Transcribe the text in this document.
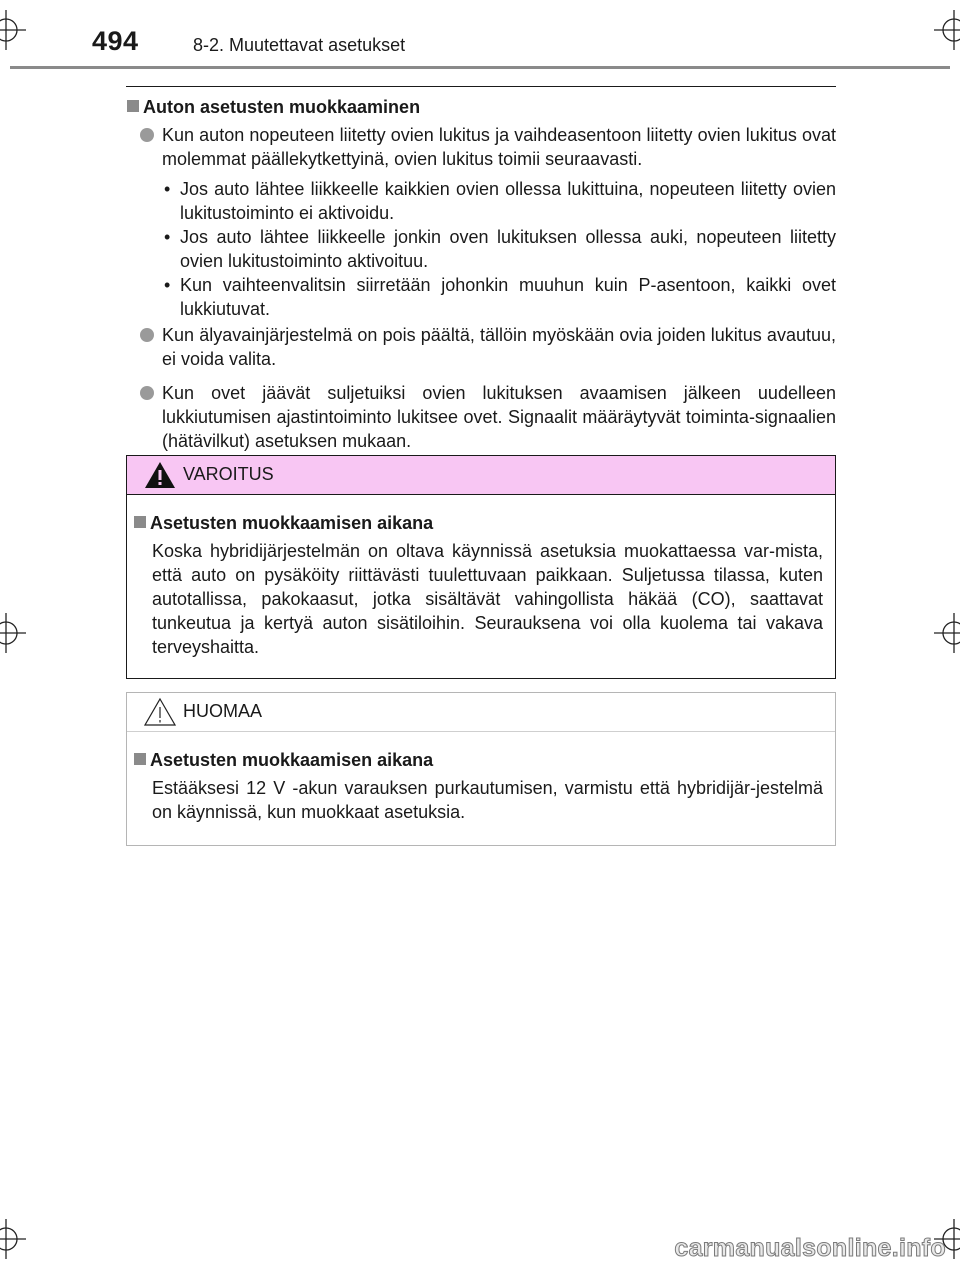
494	8-2. Muutettavat asetukset
Auton asetusten muokkaaminen
Kun auton nopeuteen liitetty ovien lukitus ja vaihdeasentoon liitetty ovien lukitus ovat molemmat päällekytkettyinä, ovien lukitus toimii seuraavasti.
• Jos auto lähtee liikkeelle kaikkien ovien ollessa lukittuina, nopeuteen liitetty ovien lukitustoiminto ei aktivoidu.
• Jos auto lähtee liikkeelle jonkin oven lukituksen ollessa auki, nopeuteen liitetty ovien lukitustoiminto aktivoituu.
• Kun vaihteenvalitsin siirretään johonkin muuhun kuin P-asentoon, kaikki ovet lukkiutuvat.
Kun älyavainjärjestelmä on pois päältä, tällöin myöskään ovia joiden lukitus avautuu, ei voida valita.
Kun ovet jäävät suljetuiksi ovien lukituksen avaamisen jälkeen uudelleen lukkiutumisen ajastintoiminto lukitsee ovet. Signaalit määräytyvät toiminta-signaalien (hätävilkut) asetuksen mukaan.
VAROITUS
Asetusten muokkaamisen aikana
Koska hybridijärjestelmän on oltava käynnissä asetuksia muokattaessa var-mista, että auto on pysäköity riittävästi tuulettuvaan paikkaan. Suljetussa tilassa, kuten autotallissa, pakokaasut, jotka sisältävät vahingollista häkää (CO), saattavat tunkeutua ja kertyä auton sisätiloihin. Seurauksena voi olla kuolema tai vakava terveyshaitta.
HUOMAA
Asetusten muokkaamisen aikana
Estääksesi 12 V -akun varauksen purkautumisen, varmistu että hybridijär-jestelmä on käynnissä, kun muokkaat asetuksia.
carmanualsonline.info
